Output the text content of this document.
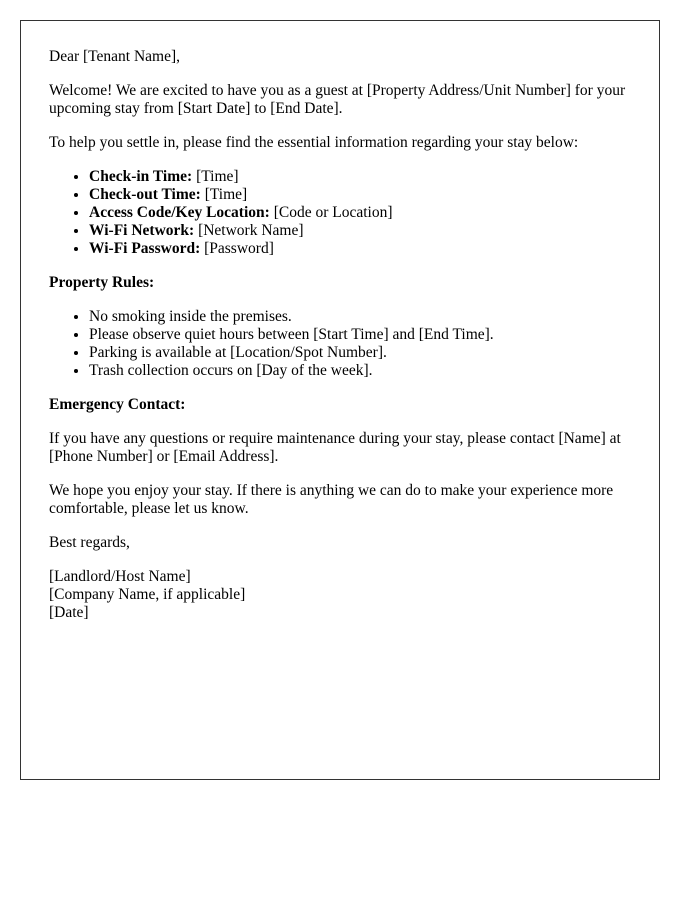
Dear [Tenant Name],

Welcome! We are excited to have you as a guest at [Property Address/Unit Number] for your upcoming stay from [Start Date] to [End Date].

To help you settle in, please find the essential information regarding your stay below:

• Check-in Time: [Time]
• Check-out Time: [Time]
• Access Code/Key Location: [Code or Location]
• Wi-Fi Network: [Network Name]
• Wi-Fi Password: [Password]

Property Rules:

• No smoking inside the premises.
• Please observe quiet hours between [Start Time] and [End Time].
• Parking is available at [Location/Spot Number].
• Trash collection occurs on [Day of the week].

Emergency Contact:

If you have any questions or require maintenance during your stay, please contact [Name] at [Phone Number] or [Email Address].

We hope you enjoy your stay. If there is anything we can do to make your experience more comfortable, please let us know.

Best regards,

[Landlord/Host Name]
[Company Name, if applicable]
[Date]
